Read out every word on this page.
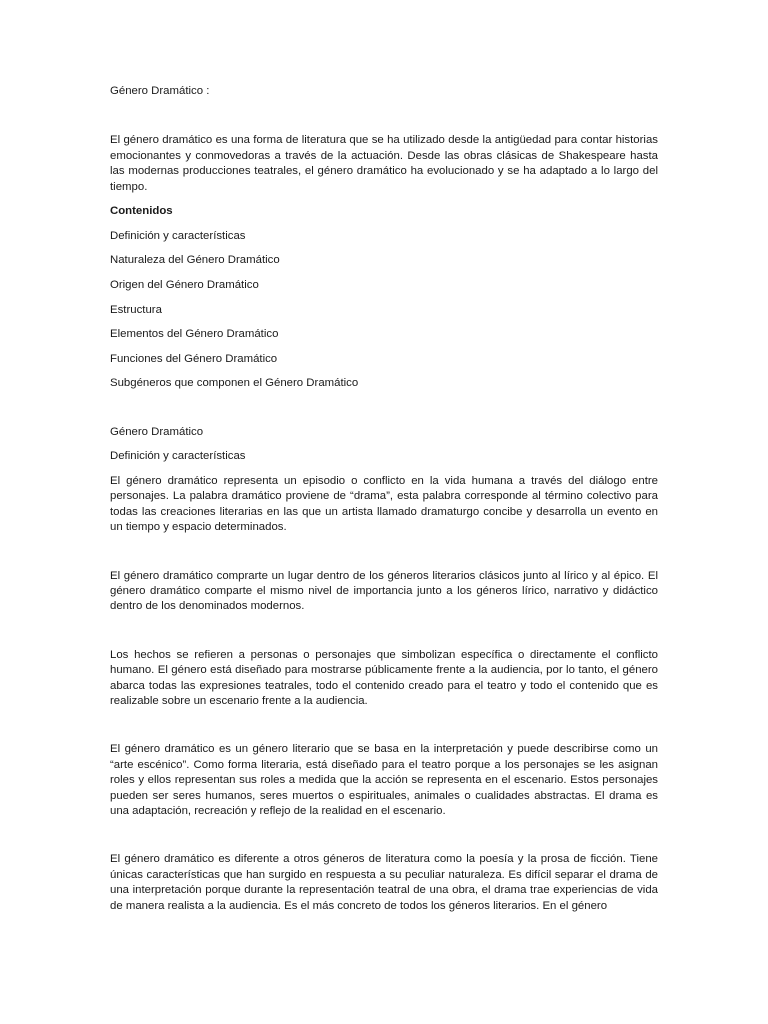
Género Dramático :

El género dramático es una forma de literatura que se ha utilizado desde la antigüedad para contar historias emocionantes y conmovedoras a través de la actuación. Desde las obras clásicas de Shakespeare hasta las modernas producciones teatrales, el género dramático ha evolucionado y se ha adaptado a lo largo del tiempo.

Contenidos

Definición y características

Naturaleza del Género Dramático

Origen del Género Dramático

Estructura

Elementos del Género Dramático

Funciones del Género Dramático

Subgéneros que componen el Género Dramático

Género Dramático

Definición y características

El género dramático representa un episodio o conflicto en la vida humana a través del diálogo entre personajes. La palabra dramático proviene de “drama”, esta palabra corresponde al término colectivo para todas las creaciones literarias en las que un artista llamado dramaturgo concibe y desarrolla un evento en un tiempo y espacio determinados.

El género dramático comprarte un lugar dentro de los géneros literarios clásicos junto al lírico y al épico. El género dramático comparte el mismo nivel de importancia junto a los géneros lírico, narrativo y didáctico dentro de los denominados modernos.

Los hechos se refieren a personas o personajes que simbolizan específica o directamente el conflicto humano. El género está diseñado para mostrarse públicamente frente a la audiencia, por lo tanto, el género abarca todas las expresiones teatrales, todo el contenido creado para el teatro y todo el contenido que es realizable sobre un escenario frente a la audiencia.

El género dramático es un género literario que se basa en la interpretación y puede describirse como un “arte escénico”. Como forma literaria, está diseñado para el teatro porque a los personajes se les asignan roles y ellos representan sus roles a medida que la acción se representa en el escenario. Estos personajes pueden ser seres humanos, seres muertos o espirituales, animales o cualidades abstractas. El drama es una adaptación, recreación y reflejo de la realidad en el escenario.

El género dramático es diferente a otros géneros de literatura como la poesía y la prosa de ficción. Tiene únicas características que han surgido en respuesta a su peculiar naturaleza. Es difícil separar el drama de una interpretación porque durante la representación teatral de una obra, el drama trae experiencias de vida de manera realista a la audiencia. Es el más concreto de todos los géneros literarios. En el género
